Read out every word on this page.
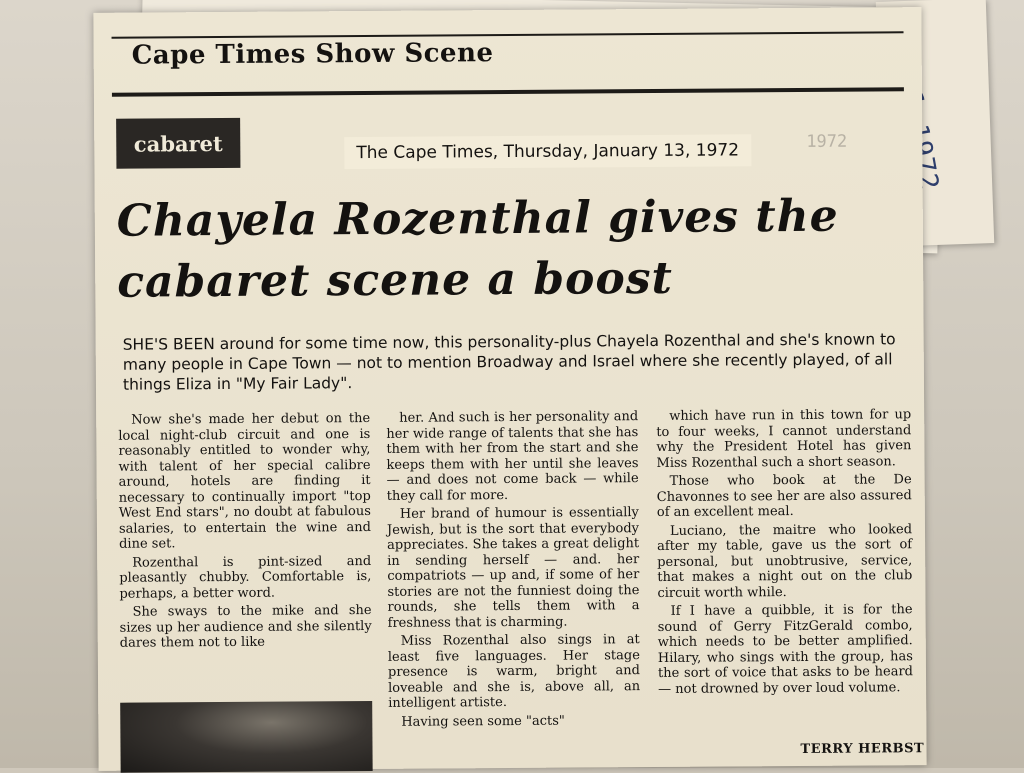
Cape Times Show Scene
cabaret	The Cape Times, Thursday, January 13, 1972	1972
Chayela Rozenthal gives the cabaret scene a boost
SHE'S BEEN around for some time now, this personality-plus Chayela Rozenthal and she's known to many people in Cape Town — not to mention Broadway and Israel where she recently played, of all things Eliza in "My Fair Lady".

Now she's made her debut on the local night-club circuit and one is reasonably entitled to wonder why, with talent of her special calibre around, hotels are finding it necessary to continually import "top West End stars", no doubt at fabulous salaries, to entertain the wine and dine set.

Rozenthal is pint-sized and pleasantly chubby. Comfortable is, perhaps, a better word.

She sways to the mike and she sizes up her audience and she silently dares them not to like

her. And such is her personality and her wide range of talents that she has them with her from the start and she keeps them with her until she leaves — and does not come back — while they call for more.

Her brand of humour is essentially Jewish, but is the sort that everybody appreciates. She takes a great delight in sending herself — and. her compatriots — up and, if some of her stories are not the funniest doing the rounds, she tells them with a freshness that is charming.

Miss Rozenthal also sings in at least five languages. Her stage presence is warm, bright and loveable and she is, above all, an intelligent artiste.

Having seen some "acts"

which have run in this town for up to four weeks, I cannot understand why the President Hotel has given Miss Rozenthal such a short season.

Those who book at the De Chavonnes to see her are also assured of an excellent meal.

Luciano, the maitre who looked after my table, gave us the sort of personal, but unobtrusive, service, that makes a night out on the club circuit worth while.

If I have a quibble, it is for the sound of Gerry FitzGerald combo, which needs to be better amplified. Hilary, who sings with the group, has the sort of voice that asks to be heard — not drowned by over loud volume.

TERRY HERBST
